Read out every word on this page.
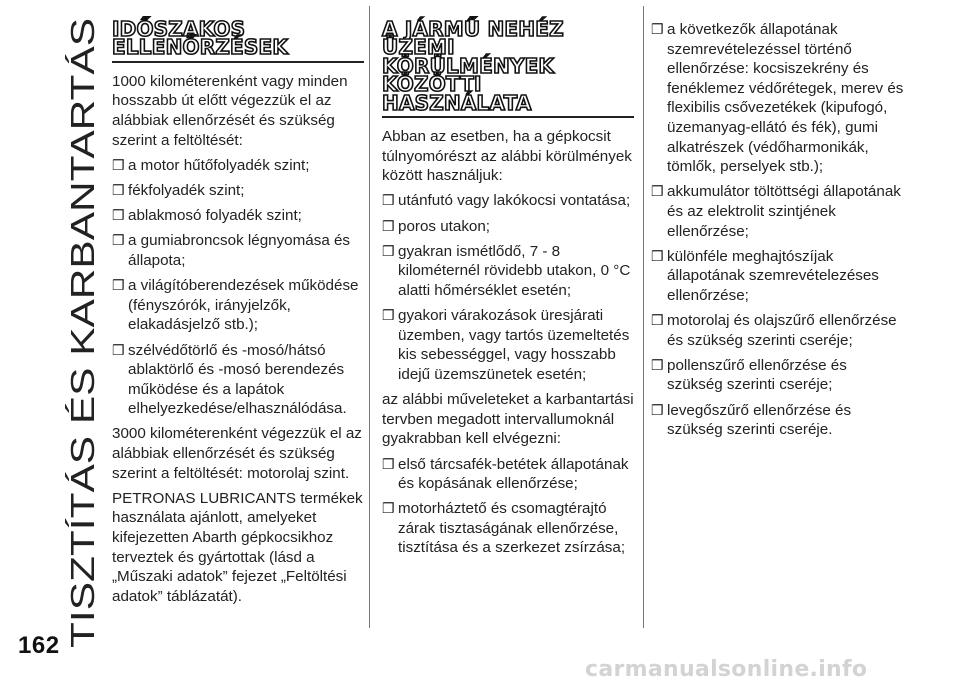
TISZTÍTÁS ÉS KARBANTARTÁS
IDŐSZAKOS
ELLENŐRZÉSEK

1000 kilométerenként vagy minden hosszabb út előtt végezzük el az alábbiak ellenőrzését és szükség szerint a feltöltését:

❒ a motor hűtőfolyadék szint;
❒ fékfolyadék szint;
❒ ablakmosó folyadék szint;
❒ a gumiabroncsok légnyomása és állapota;
❒ a világítóberendezések működése (fényszórók, irányjelzők, elakadásjelző stb.);
❒ szélvédőtörlő és -mosó/hátsó ablaktörlő és -mosó berendezés működése és a lapátok elhelyezkedése/elhasználódása.

3000 kilométerenként végezzük el az alábbiak ellenőrzését és szükség szerint a feltöltését: motorolaj szint.

PETRONAS LUBRICANTS termékek használata ajánlott, amelyeket kifejezetten Abarth gépkocsikhoz terveztek és gyártottak (lásd a „Műszaki adatok” fejezet „Feltöltési adatok” táblázatát).

A JÁRMŰ NEHÉZ
ÜZEMI
KÖRÜLMÉNYEK
KÖZÖTTI
HASZNÁLATA

Abban az esetben, ha a gépkocsit túlnyomórészt az alábbi körülmények között használjuk:

❒ utánfutó vagy lakókocsi vontatása;
❒ poros utakon;
❒ gyakran ismétlődő, 7 - 8 kilométernél rövidebb utakon, 0 °C alatti hőmérséklet esetén;
❒ gyakori várakozások üresjárati üzemben, vagy tartós üzemeltetés kis sebességgel, vagy hosszabb idejű üzemszünetek esetén;

az alábbi műveleteket a karbantartási tervben megadott intervallumoknál gyakrabban kell elvégezni:

❒ első tárcsafék-betétek állapotának és kopásának ellenőrzése;
❒ motorháztető és csomagtérajtó zárak tisztaságának ellenőrzése, tisztítása és a szerkezet zsírzása;
❒ a következők állapotának szemrevételezéssel történő ellenőrzése: kocsiszekrény és fenéklemez védőrétegek, merev és flexibilis csővezetékek (kipufogó, üzemanyag-ellátó és fék), gumi alkatrészek (védőharmonikák, tömlők, perselyek stb.);
❒ akkumulátor töltöttségi állapotának és az elektrolit szintjének ellenőrzése;
❒ különféle meghajtószíjak állapotának szemrevételezéses ellenőrzése;
❒ motorolaj és olajszűrő ellenőrzése és szükség szerinti cseréje;
❒ pollenszűrő ellenőrzése és szükség szerinti cseréje;
❒ levegőszűrő ellenőrzése és szükség szerinti cseréje.
162
carmanualsonline.info
